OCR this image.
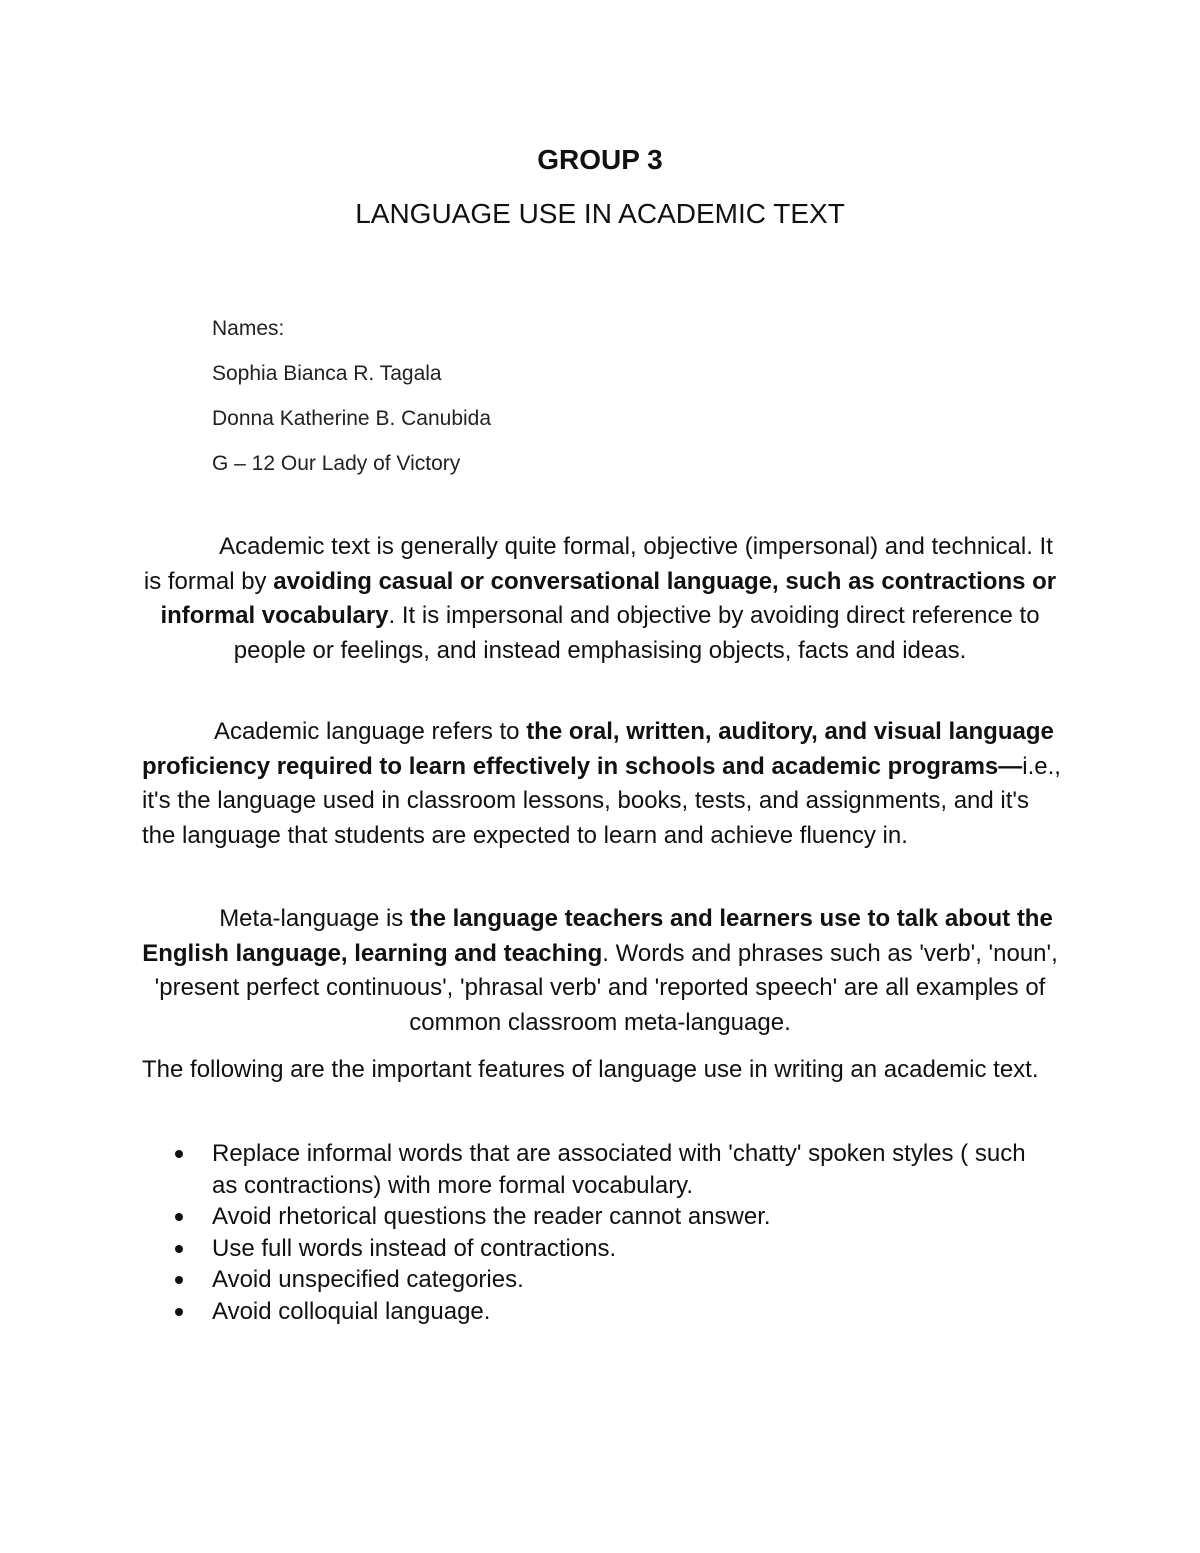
GROUP 3
LANGUAGE USE IN ACADEMIC TEXT
Names:
Sophia Bianca R. Tagala
Donna Katherine B. Canubida
G – 12 Our Lady of Victory

Academic text is generally quite formal, objective (impersonal) and technical. It is formal by avoiding casual or conversational language, such as contractions or informal vocabulary. It is impersonal and objective by avoiding direct reference to people or feelings, and instead emphasising objects, facts and ideas.

Academic language refers to the oral, written, auditory, and visual language proficiency required to learn effectively in schools and academic programs—i.e., it's the language used in classroom lessons, books, tests, and assignments, and it's the language that students are expected to learn and achieve fluency in.

Meta-language is the language teachers and learners use to talk about the English language, learning and teaching. Words and phrases such as 'verb', 'noun', 'present perfect continuous', 'phrasal verb' and 'reported speech' are all examples of common classroom meta-language.

The following are the important features of language use in writing an academic text.

Replace informal words that are associated with 'chatty' spoken styles ( such as contractions) with more formal vocabulary.
Avoid rhetorical questions the reader cannot answer.
Use full words instead of contractions.
Avoid unspecified categories.
Avoid colloquial language.
